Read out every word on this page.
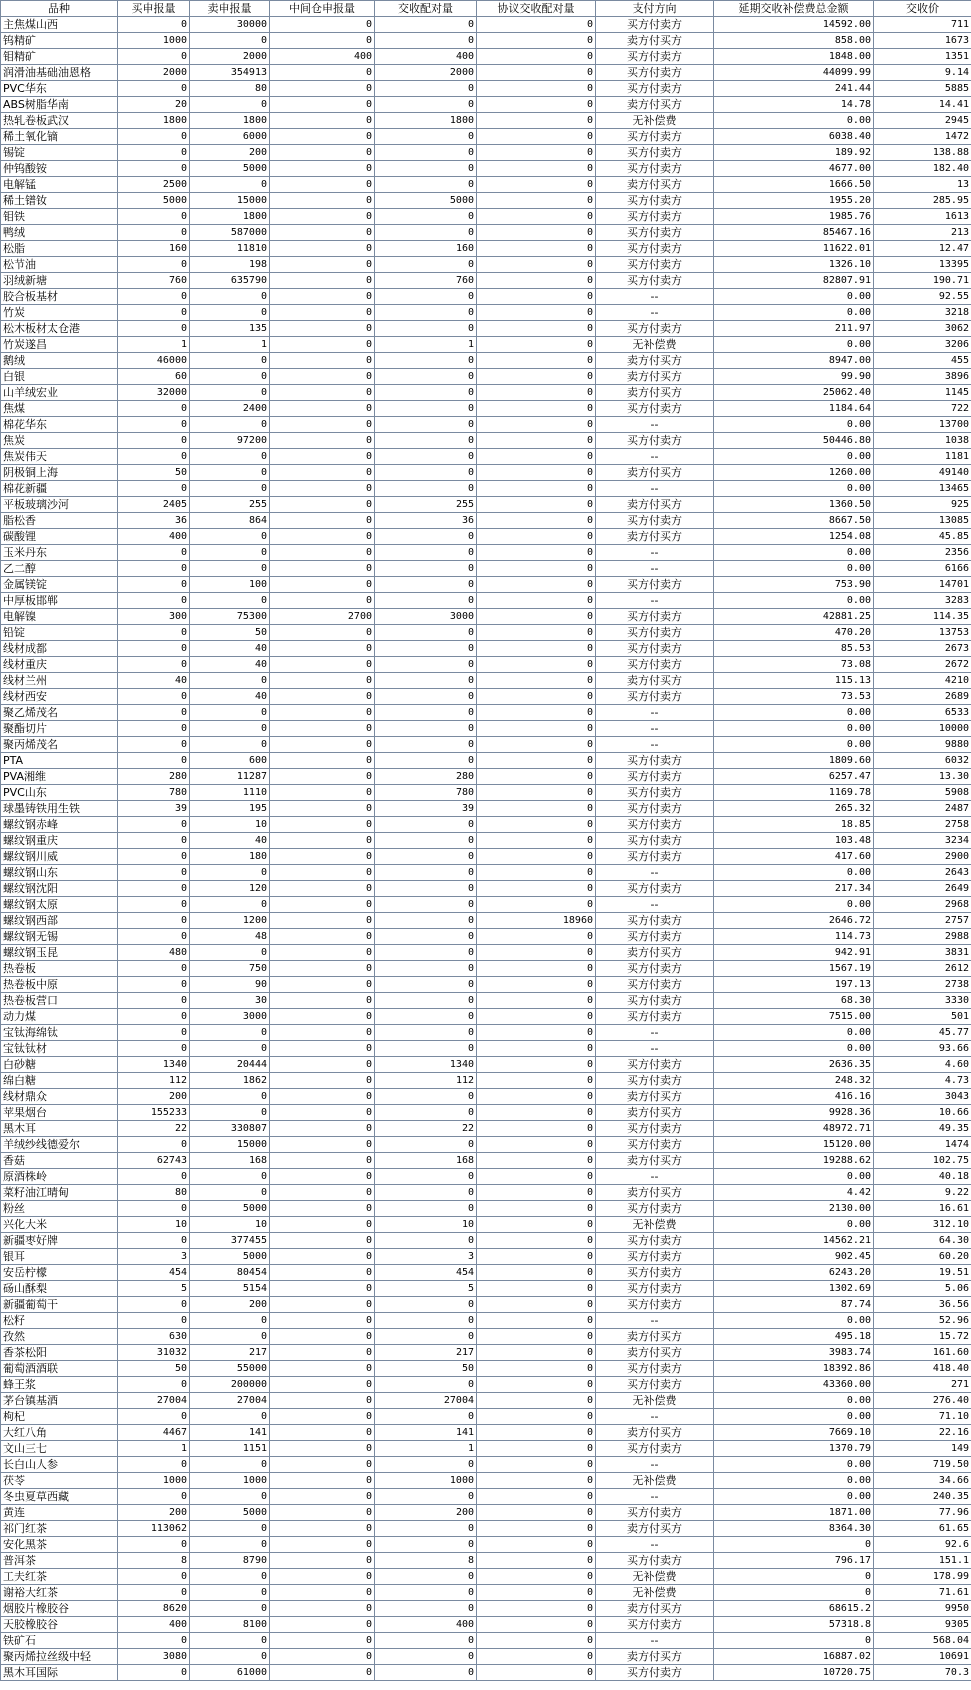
品种	买申报量	卖申报量	中间仓申报量	交收配对量	协议交收配对量	支付方向	延期交收补偿费总金额	交收价
主焦煤山西	0	30000	0	0	0	买方付卖方	14592.00	711
钨精矿	1000	0	0	0	0	卖方付买方	858.00	1673
钼精矿	0	2000	400	400	0	买方付卖方	1848.00	1351
润滑油基础油恩格	2000	354913	0	2000	0	买方付卖方	44099.99	9.14
PVC华东	0	80	0	0	0	买方付卖方	241.44	5885
ABS树脂华南	20	0	0	0	0	卖方付买方	14.78	14.41
热轧卷板武汉	1800	1800	0	1800	0	无补偿费	0.00	2945
稀土氧化镝	0	6000	0	0	0	买方付卖方	6038.40	1472
锡锭	0	200	0	0	0	买方付卖方	189.92	138.88
仲钨酸铵	0	5000	0	0	0	买方付卖方	4677.00	182.40
电解锰	2500	0	0	0	0	卖方付买方	1666.50	13
稀土镨钕	5000	15000	0	5000	0	买方付卖方	1955.20	285.95
钼铁	0	1800	0	0	0	买方付卖方	1985.76	1613
鸭绒	0	587000	0	0	0	买方付卖方	85467.16	213
松脂	160	11810	0	160	0	买方付卖方	11622.01	12.47
松节油	0	198	0	0	0	买方付卖方	1326.10	13395
羽绒新塘	760	635790	0	760	0	买方付卖方	82807.91	190.71
胶合板基材	0	0	0	0	0	--	0.00	92.55
竹炭	0	0	0	0	0	--	0.00	3218
松木板材太仓港	0	135	0	0	0	买方付卖方	211.97	3062
竹炭遂昌	1	1	0	1	0	无补偿费	0.00	3206
鹅绒	46000	0	0	0	0	卖方付买方	8947.00	455
白银	60	0	0	0	0	卖方付买方	99.90	3896
山羊绒宏业	32000	0	0	0	0	卖方付买方	25062.40	1145
焦煤	0	2400	0	0	0	买方付卖方	1184.64	722
棉花华东	0	0	0	0	0	--	0.00	13700
焦炭	0	97200	0	0	0	买方付卖方	50446.80	1038
焦炭伟天	0	0	0	0	0	--	0.00	1181
阴极铜上海	50	0	0	0	0	卖方付买方	1260.00	49140
棉花新疆	0	0	0	0	0	--	0.00	13465
平板玻璃沙河	2405	255	0	255	0	卖方付买方	1360.50	925
脂松香	36	864	0	36	0	买方付卖方	8667.50	13085
碳酸锂	400	0	0	0	0	卖方付买方	1254.08	45.85
玉米丹东	0	0	0	0	0	--	0.00	2356
乙二醇	0	0	0	0	0	--	0.00	6166
金属镁锭	0	100	0	0	0	买方付卖方	753.90	14701
中厚板邯郸	0	0	0	0	0	--	0.00	3283
电解镍	300	75300	2700	3000	0	买方付卖方	42881.25	114.35
铅锭	0	50	0	0	0	买方付卖方	470.20	13753
线材成都	0	40	0	0	0	买方付卖方	85.53	2673
线材重庆	0	40	0	0	0	买方付卖方	73.08	2672
线材兰州	40	0	0	0	0	卖方付买方	115.13	4210
线材西安	0	40	0	0	0	买方付卖方	73.53	2689
聚乙烯茂名	0	0	0	0	0	--	0.00	6533
聚酯切片	0	0	0	0	0	--	0.00	10000
聚丙烯茂名	0	0	0	0	0	--	0.00	9880
PTA	0	600	0	0	0	买方付卖方	1809.60	6032
PVA湘维	280	11287	0	280	0	买方付卖方	6257.47	13.30
PVC山东	780	1110	0	780	0	买方付卖方	1169.78	5908
球墨铸铁用生铁	39	195	0	39	0	买方付卖方	265.32	2487
螺纹钢赤峰	0	10	0	0	0	买方付卖方	18.85	2758
螺纹钢重庆	0	40	0	0	0	买方付卖方	103.48	3234
螺纹钢川威	0	180	0	0	0	买方付卖方	417.60	2900
螺纹钢山东	0	0	0	0	0	--	0.00	2643
螺纹钢沈阳	0	120	0	0	0	买方付卖方	217.34	2649
螺纹钢太原	0	0	0	0	0	--	0.00	2968
螺纹钢西部	0	1200	0	0	18960	买方付卖方	2646.72	2757
螺纹钢无锡	0	48	0	0	0	买方付卖方	114.73	2988
螺纹钢玉昆	480	0	0	0	0	卖方付买方	942.91	3831
热卷板	0	750	0	0	0	买方付卖方	1567.19	2612
热卷板中原	0	90	0	0	0	买方付卖方	197.13	2738
热卷板营口	0	30	0	0	0	买方付卖方	68.30	3330
动力煤	0	3000	0	0	0	买方付卖方	7515.00	501
宝钛海绵钛	0	0	0	0	0	--	0.00	45.77
宝钛钛材	0	0	0	0	0	--	0.00	93.66
白砂糖	1340	20444	0	1340	0	买方付卖方	2636.35	4.60
绵白糖	112	1862	0	112	0	买方付卖方	248.32	4.73
线材鼎众	200	0	0	0	0	卖方付买方	416.16	3043
苹果烟台	155233	0	0	0	0	卖方付买方	9928.36	10.66
黑木耳	22	330807	0	22	0	买方付卖方	48972.71	49.35
羊绒纱线德爱尔	0	15000	0	0	0	买方付卖方	15120.00	1474
香菇	62743	168	0	168	0	卖方付买方	19288.62	102.75
原酒株岭	0	0	0	0	0	--	0.00	40.18
菜籽油江晴甸	80	0	0	0	0	卖方付买方	4.42	9.22
粉丝	0	5000	0	0	0	买方付卖方	2130.00	16.61
兴化大米	10	10	0	10	0	无补偿费	0.00	312.10
新疆枣好牌	0	377455	0	0	0	买方付卖方	14562.21	64.30
银耳	3	5000	0	3	0	买方付卖方	902.45	60.20
安岳柠檬	454	80454	0	454	0	买方付卖方	6243.20	19.51
砀山酥梨	5	5154	0	5	0	买方付卖方	1302.69	5.06
新疆葡萄干	0	200	0	0	0	买方付卖方	87.74	36.56
松籽	0	0	0	0	0	--	0.00	52.96
孜然	630	0	0	0	0	卖方付买方	495.18	15.72
香茶松阳	31032	217	0	217	0	卖方付买方	3983.74	161.60
葡萄酒酒联	50	55000	0	50	0	买方付卖方	18392.86	418.40
蜂王浆	0	200000	0	0	0	买方付卖方	43360.00	271
茅台镇基酒	27004	27004	0	27004	0	无补偿费	0.00	276.40
枸杞	0	0	0	0	0	--	0.00	71.10
大红八角	4467	141	0	141	0	卖方付买方	7669.10	22.16
文山三七	1	1151	0	1	0	买方付卖方	1370.79	149
长白山人参	0	0	0	0	0	--	0.00	719.50
茯苓	1000	1000	0	1000	0	无补偿费	0.00	34.66
冬虫夏草西藏	0	0	0	0	0	--	0.00	240.35
黄连	200	5000	0	200	0	买方付卖方	1871.00	77.96
祁门红茶	113062	0	0	0	0	卖方付买方	8364.30	61.65
安化黑茶	0	0	0	0	0	--	0	92.6
普洱茶	8	8790	0	8	0	买方付卖方	796.17	151.1
工夫红茶	0	0	0	0	0	无补偿费	0	178.99
谢裕大红茶	0	0	0	0	0	无补偿费	0	71.61
烟胶片橡胶谷	8620	0	0	0	0	卖方付买方	68615.2	9950
天胶橡胶谷	400	8100	0	400	0	买方付卖方	57318.8	9305
铁矿石	0	0	0	0	0	--	0	568.04
聚丙烯拉丝级中轻	3080	0	0	0	0	卖方付买方	16887.02	10691
黑木耳国际	0	61000	0	0	0	买方付卖方	10720.75	70.3
